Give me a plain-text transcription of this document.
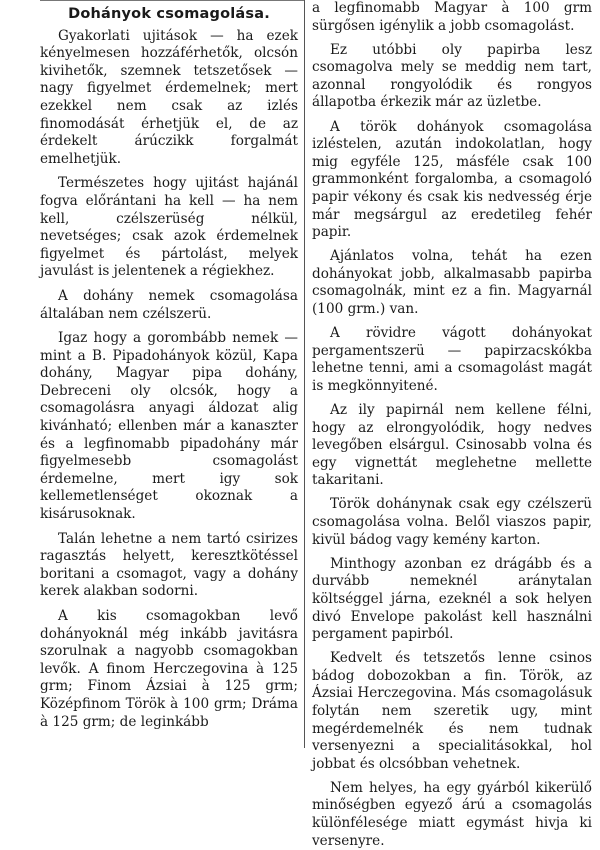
Dohányok csomagolása.

Gyakorlati ujitások — ha ezek kényelmesen hozzáférhetők, olcsón kivihetők, szemnek tetszetősek — nagy figyelmet érdemelnek; mert ezekkel nem csak az izlés finomodását érhetjük el, de az érdekelt árúczikk forgalmát emelhetjük.

Természetes hogy ujitást hajánál fogva előrántani ha kell — ha nem kell, czélszerüség nélkül, nevetséges; csak azok érdemelnek figyelmet és pártolást, melyek javulást is jelentenek a régiekhez.

A dohány nemek csomagolása általában nem czélszerü.

Igaz hogy a gorombább nemek — mint a B. Pipadohányok közül, Kapa dohány, Magyar pipa dohány, Debreceni oly olcsók, hogy a csomagolásra anyagi áldozat alig kivánható; ellenben már a kanaszter és a legfinomabb pipadohány már figyelmesebb csomagolást érdemelne, mert igy sok kellemetlenséget okoznak a kisárusoknak.

Talán lehetne a nem tartó csirizes ragasztás helyett, keresztkötéssel boritani a csomagot, vagy a dohány kerek alakban sodorni.

A kis csomagokban levő dohányoknál még inkább javitásra szorulnak a nagyobb csomagokban levők. A finom Herczegovina à 125 grm; Finom Ázsiai à 125 grm; Középfinom Török à 100 grm; Dráma à 125 grm; de leginkább

a legfinomabb Magyar à 100 grm sürgősen igénylik a jobb csomagolást.

Ez utóbbi oly papirba lesz csomagolva mely se meddig nem tart, azonnal rongyolódik és rongyos állapotba érkezik már az üzletbe.

A török dohányok csomagolása izléstelen, azután indokolatlan, hogy mig egyféle 125, másféle csak 100 grammonként forgalomba, a csomagoló papir vékony és csak kis nedvesség érje már megsárgul az eredetileg fehér papir.

Ajánlatos volna, tehát ha ezen dohányokat jobb, alkalmasabb papirba csomagolnák, mint ez a fin. Magyarnál (100 grm.) van.

A rövidre vágott dohányokat pergamentszerü — papirzacskókba lehetne tenni, ami a csomagolást magát is megkönnyitené.

Az ily papirnál nem kellene félni, hogy az elrongyolódik, hogy nedves levegőben elsárgul. Csinosabb volna és egy vignettát meglehetne mellette takaritani.

Török dohánynak csak egy czélszerü csomagolása volna. Belől viaszos papir, kivül bádog vagy kemény karton.

Minthogy azonban ez drágább és a durvább nemeknél aránytalan költséggel járna, ezeknél a sok helyen divó Envelope pakolást kell használni pergament papirból.

Kedvelt és tetszetős lenne csinos bádog dobozokban a fin. Török, az Ázsiai Herczegovina. Más csomagolásuk folytán nem szeretik ugy, mint megérdemelnék és nem tudnak versenyezni a specialitásokkal, hol jobbat és olcsóbban vehetnek.

Nem helyes, ha egy gyárból kikerülő minőségben egyező árú a csomagolás különfélesége miatt egymást hivja ki versenyre.
